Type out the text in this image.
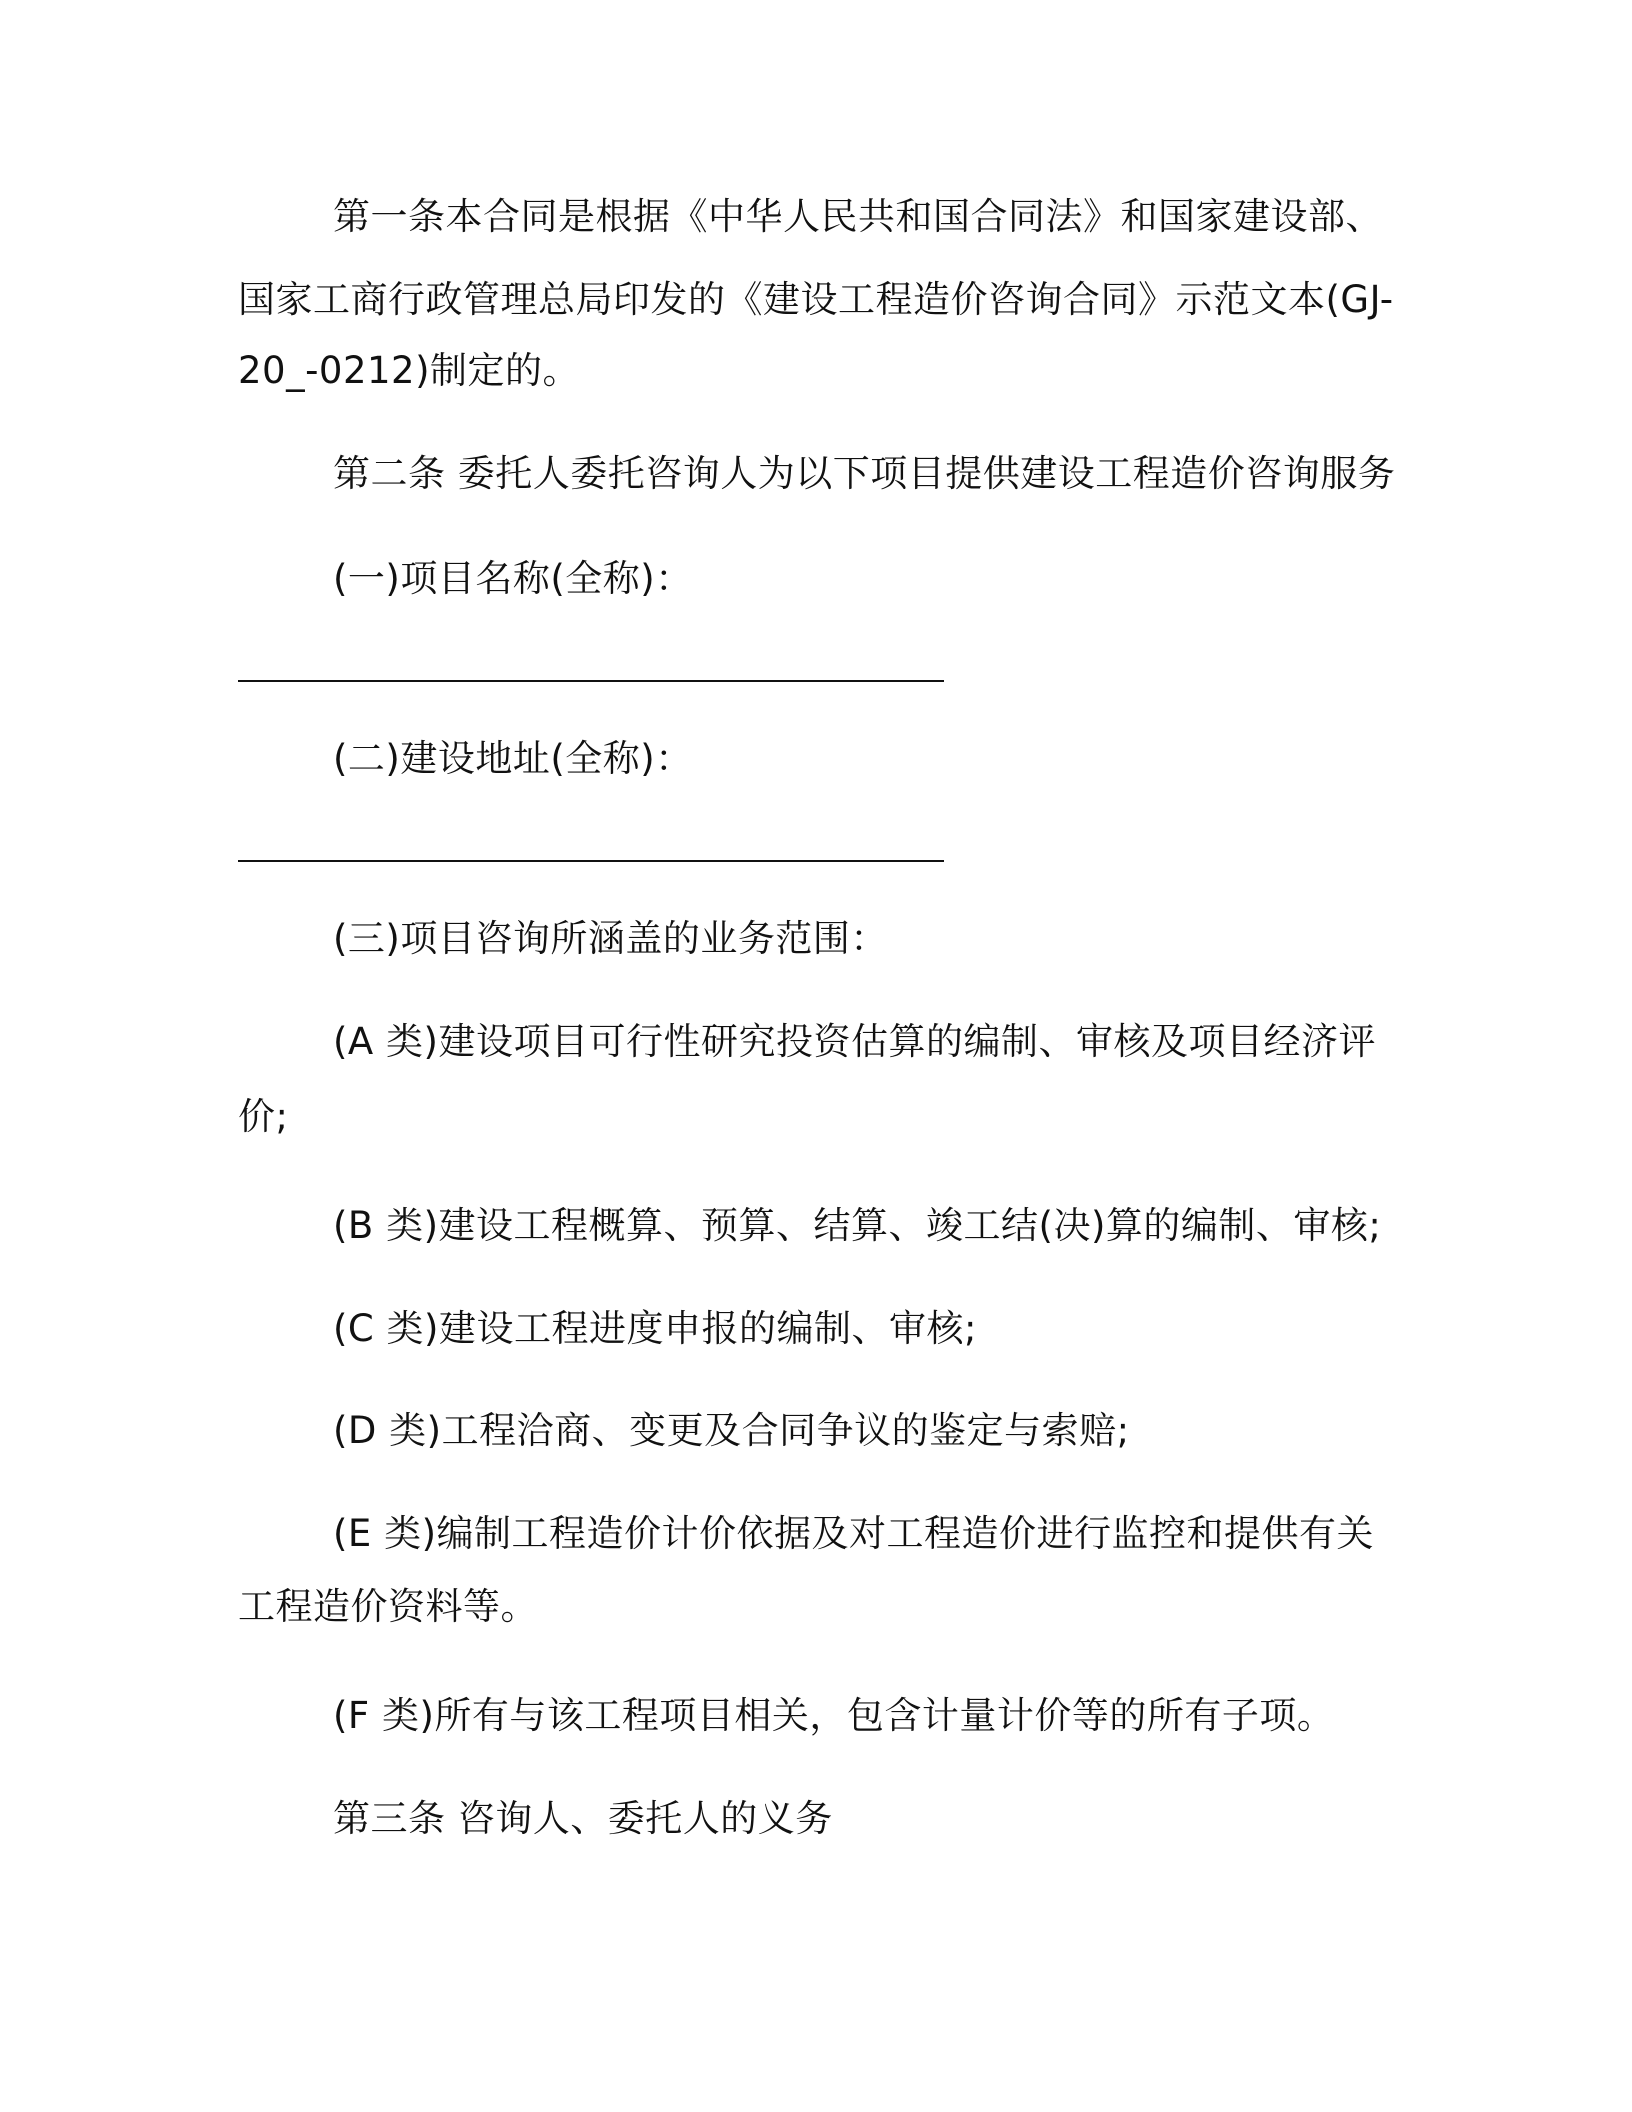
第一条本合同是根据《中华人民共和国合同法》和国家建设部、
国家工商行政管理总局印发的《建设工程造价咨询合同》示范文本(GJ-
20_-0212)制定的。
第二条 委托人委托咨询人为以下项目提供建设工程造价咨询服务
(一)项目名称(全称)：
(二)建设地址(全称)：
(三)项目咨询所涵盖的业务范围：
(A 类)建设项目可行性研究投资估算的编制、审核及项目经济评
价;
(B 类)建设工程概算、预算、结算、竣工结(决)算的编制、审核;
(C 类)建设工程进度申报的编制、审核;
(D 类)工程洽商、变更及合同争议的鉴定与索赔;
(E 类)编制工程造价计价依据及对工程造价进行监控和提供有关
工程造价资料等。
(F 类)所有与该工程项目相关，包含计量计价等的所有子项。
第三条 咨询人、委托人的义务
